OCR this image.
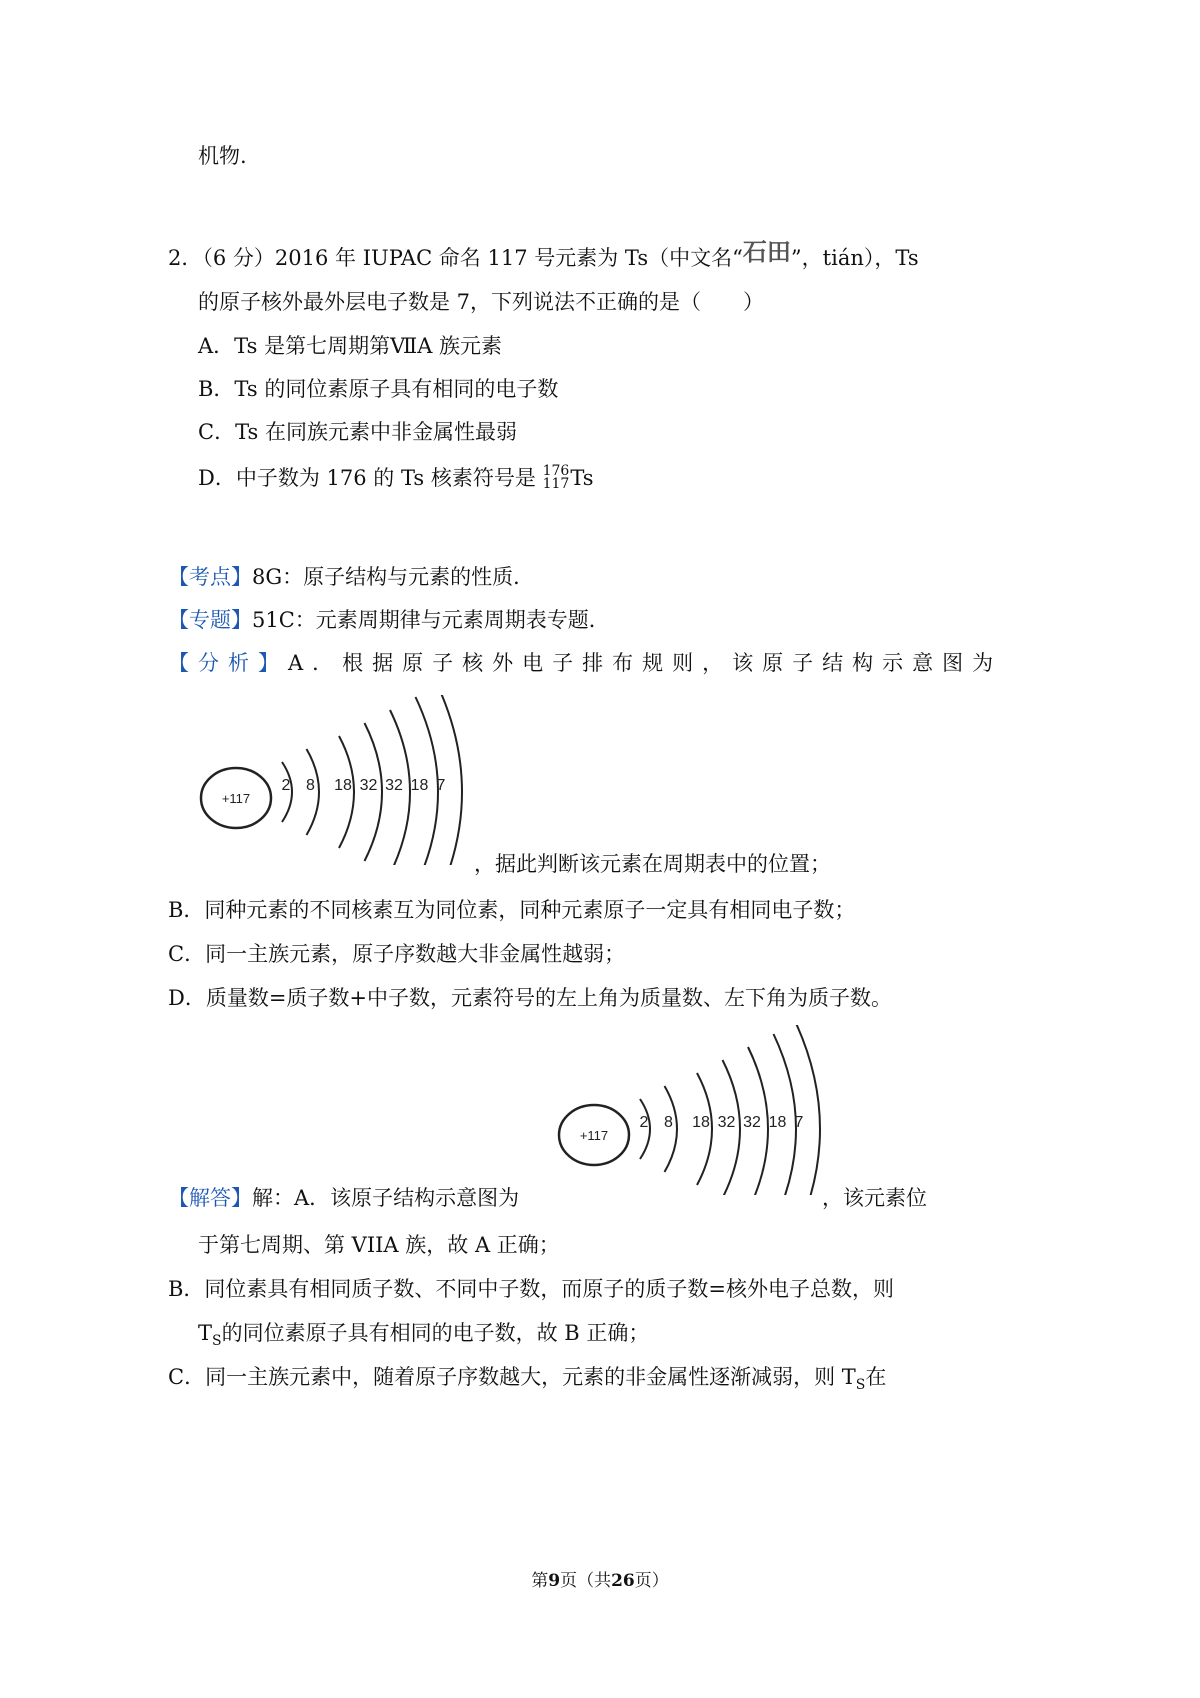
机物.
2．（6 分）2016 年 IUPAC 命名 117 号元素为 Ts（中文名“石田”，tián），Ts
的原子核外最外层电子数是 7，下列说法不正确的是（　　）
A．Ts 是第七周期第ⅦA 族元素
B．Ts 的同位素原子具有相同的电子数
C．Ts 在同族元素中非金属性最弱
D．中子数为 176 的 Ts 核素符号是 176
117 Ts
【考点】8G：原子结构与元素的性质．
【专题】51C：元素周期律与元素周期表专题．
【分析】A．根据原子核外电子排布规则，该原子结构示意图为
+117
2 8 18 32 32 18 7
，据此判断该元素在周期表中的位置；
B．同种元素的不同核素互为同位素，同种元素原子一定具有相同电子数；
C．同一主族元素，原子序数越大非金属性越弱；
D．质量数=质子数+中子数，元素符号的左上角为质量数、左下角为质子数。
+117
2 8 18 32 32 18 7
【解答】解：A．该原子结构示意图为	，该元素位
于第七周期、第 VIIA 族，故 A 正确；
B．同位素具有相同质子数、不同中子数，而原子的质子数=核外电子总数，则
$T_S$的同位素原子具有相同的电子数，故 B 正确；
C．同一主族元素中，随着原子序数越大，元素的非金属性逐渐减弱，则 $T_S$在
第9页（共26页）
